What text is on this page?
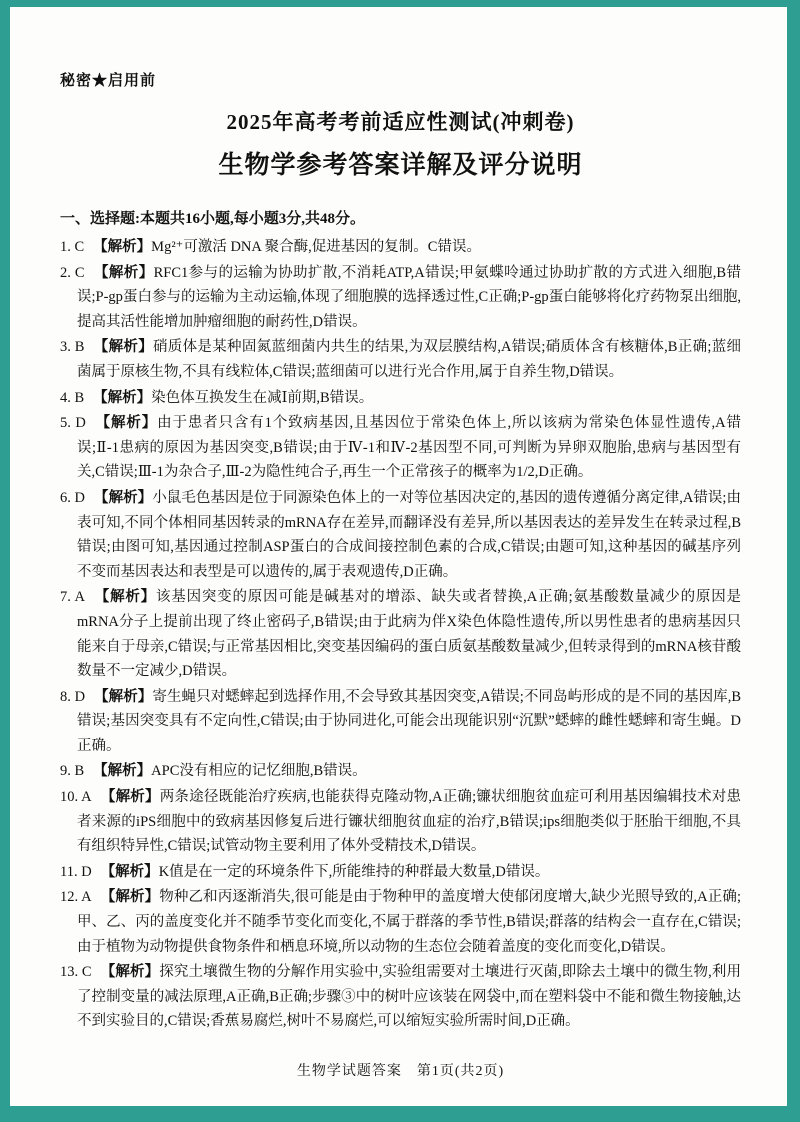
秘密★启用前
2025年高考考前适应性测试(冲刺卷)
生物学参考答案详解及评分说明
一、选择题:本题共16小题,每小题3分,共48分。

1. C 【解析】Mg²⁺可激活 DNA 聚合酶,促进基因的复制。C错误。

2. C 【解析】RFC1参与的运输为协助扩散,不消耗ATP,A错误;甲氨蝶呤通过协助扩散的方式进入细胞,B错误;P-gp蛋白参与的运输为主动运输,体现了细胞膜的选择透过性,C正确;P-gp蛋白能够将化疗药物泵出细胞,提高其活性能增加肿瘤细胞的耐药性,D错误。

3. B 【解析】硝质体是某种固氮蓝细菌内共生的结果,为双层膜结构,A错误;硝质体含有核糖体,B正确;蓝细菌属于原核生物,不具有线粒体,C错误;蓝细菌可以进行光合作用,属于自养生物,D错误。

4. B 【解析】染色体互换发生在减Ⅰ前期,B错误。

5. D 【解析】由于患者只含有1个致病基因,且基因位于常染色体上,所以该病为常染色体显性遗传,A错误;Ⅱ-1患病的原因为基因突变,B错误;由于Ⅳ-1和Ⅳ-2基因型不同,可判断为异卵双胞胎,患病与基因型有关,C错误;Ⅲ-1为杂合子,Ⅲ-2为隐性纯合子,再生一个正常孩子的概率为1/2,D正确。

6. D 【解析】小鼠毛色基因是位于同源染色体上的一对等位基因决定的,基因的遗传遵循分离定律,A错误;由表可知,不同个体相同基因转录的mRNA存在差异,而翻译没有差异,所以基因表达的差异发生在转录过程,B错误;由图可知,基因通过控制ASP蛋白的合成间接控制色素的合成,C错误;由题可知,这种基因的碱基序列不变而基因表达和表型是可以遗传的,属于表观遗传,D正确。

7. A 【解析】该基因突变的原因可能是碱基对的增添、缺失或者替换,A正确;氨基酸数量减少的原因是mRNA分子上提前出现了终止密码子,B错误;由于此病为伴X染色体隐性遗传,所以男性患者的患病基因只能来自于母亲,C错误;与正常基因相比,突变基因编码的蛋白质氨基酸数量减少,但转录得到的mRNA核苷酸数量不一定减少,D错误。

8. D 【解析】寄生蝇只对蟋蟀起到选择作用,不会导致其基因突变,A错误;不同岛屿形成的是不同的基因库,B错误;基因突变具有不定向性,C错误;由于协同进化,可能会出现能识别“沉默”蟋蟀的雌性蟋蟀和寄生蝇。D正确。

9. B 【解析】APC没有相应的记忆细胞,B错误。

10. A 【解析】两条途径既能治疗疾病,也能获得克隆动物,A正确;镰状细胞贫血症可利用基因编辑技术对患者来源的iPS细胞中的致病基因修复后进行镰状细胞贫血症的治疗,B错误;ips细胞类似于胚胎干细胞,不具有组织特异性,C错误;试管动物主要利用了体外受精技术,D错误。

11. D 【解析】K值是在一定的环境条件下,所能维持的种群最大数量,D错误。

12. A 【解析】物种乙和丙逐渐消失,很可能是由于物种甲的盖度增大使郁闭度增大,缺少光照导致的,A正确;甲、乙、丙的盖度变化并不随季节变化而变化,不属于群落的季节性,B错误;群落的结构会一直存在,C错误;由于植物为动物提供食物条件和栖息环境,所以动物的生态位会随着盖度的变化而变化,D错误。

13. C 【解析】探究土壤微生物的分解作用实验中,实验组需要对土壤进行灭菌,即除去土壤中的微生物,利用了控制变量的减法原理,A正确,B正确;步骤③中的树叶应该装在网袋中,而在塑料袋中不能和微生物接触,达不到实验目的,C错误;香蕉易腐烂,树叶不易腐烂,可以缩短实验所需时间,D正确。

生物学试题答案　第1页(共2页)
